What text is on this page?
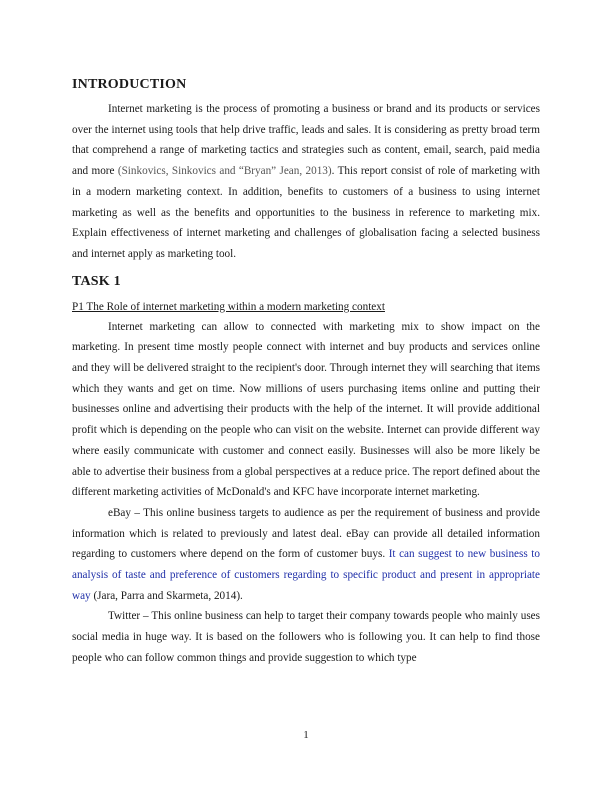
INTRODUCTION

Internet marketing is the process of promoting a business or brand and its products or services over the internet using tools that help drive traffic, leads and sales. It is considering as pretty broad term that comprehend a range of marketing tactics and strategies such as content, email, search, paid media and more (Sinkovics, Sinkovics and “Bryan” Jean, 2013). This report consist of role of marketing with in a modern marketing context. In addition, benefits to customers of a business to using internet marketing as well as the benefits and opportunities to the business in reference to marketing mix. Explain effectiveness of internet marketing and challenges of globalisation facing a selected business and internet apply as marketing tool.

TASK 1
P1 The Role of internet marketing within a modern marketing context

Internet marketing can allow to connected with marketing mix to show impact on the marketing. In present time mostly people connect with internet and buy products and services online and they will be delivered straight to the recipient's door. Through internet they will searching that items which they wants and get on time. Now millions of users purchasing items online and putting their businesses online and advertising their products with the help of the internet. It will provide additional profit which is depending on the people who can visit on the website. Internet can provide different way where easily communicate with customer and connect easily. Businesses will also be more likely be able to advertise their business from a global perspectives at a reduce price. The report defined about the different marketing activities of McDonald's and KFC have incorporate internet marketing.

eBay – This online business targets to audience as per the requirement of business and provide information which is related to previously and latest deal. eBay can provide all detailed information regarding to customers where depend on the form of customer buys. It can suggest to new business to analysis of taste and preference of customers regarding to specific product and present in appropriate way (Jara, Parra and Skarmeta, 2014).

Twitter – This online business can help to target their company towards people who mainly uses social media in huge way. It is based on the followers who is following you. It can help to find those people who can follow common things and provide suggestion to which type

1
